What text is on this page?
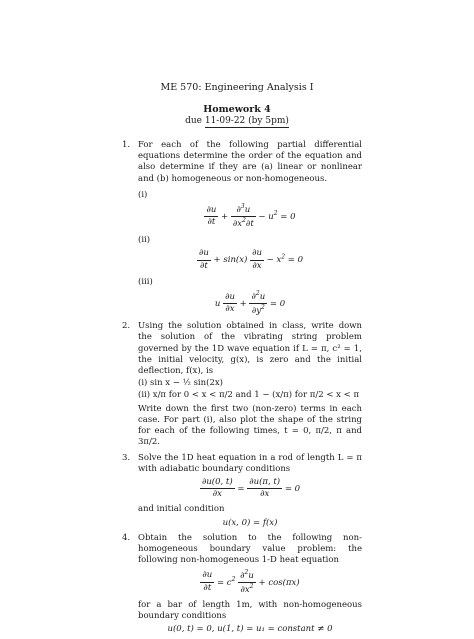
ME 570: Engineering Analysis I
Homework 4
due 11-09-22 (by 5pm)
1. For each of the following partial differential equations determine the order of the equation and also determine if they are (a) linear or nonlinear and (b) homogeneous or non-homogeneous.
(i)
$\frac{\partial u}{\partial t} + \frac{\partial^3u}{\partial x^2\partial t} - u^2 = 0$
(ii)
$\frac{\partial u}{\partial t} + \sin(x) \frac{\partial u}{\partial x} - x^2 = 0$
(iii)
u $\frac{\partial u}{\partial x} + \frac{\partial^2u}{\partial y^2} = 0$
2. Using the solution obtained in class, write down the solution of the vibrating string problem governed by the 1D wave equation if L = π, c² = 1, the initial velocity, g(x), is zero and the initial deflection, f(x), is
(i) sin x − ½ sin(2x)
(ii) x/π for 0 < x < π/2 and 1 − (x/π) for π/2 < x < π
Write down the first two (non-zero) terms in each case. For part (i), also plot the shape of the string for each of the following times, t = 0, π/2, π and 3π/2.
3. Solve the 1D heat equation in a rod of length L = π with adiabatic boundary conditions
$\frac{\partial u(0, t)}{\partial x} = \frac{\partial u(\pi, t)}{\partial x} = 0$
and initial condition
u(x, 0) = f(x)
4. Obtain the solution to the following non-homogeneous boundary value problem: the following non-homogeneous 1-D heat equation
$\frac{\partial u}{\partial t} = c^2 \frac{\partial^2u}{\partial x^2} + \cos(\pi x)$
for a bar of length 1m, with non-homogeneous boundary conditions
u(0, t) = 0, u(1, t) = u₁ = constant ≠ 0
